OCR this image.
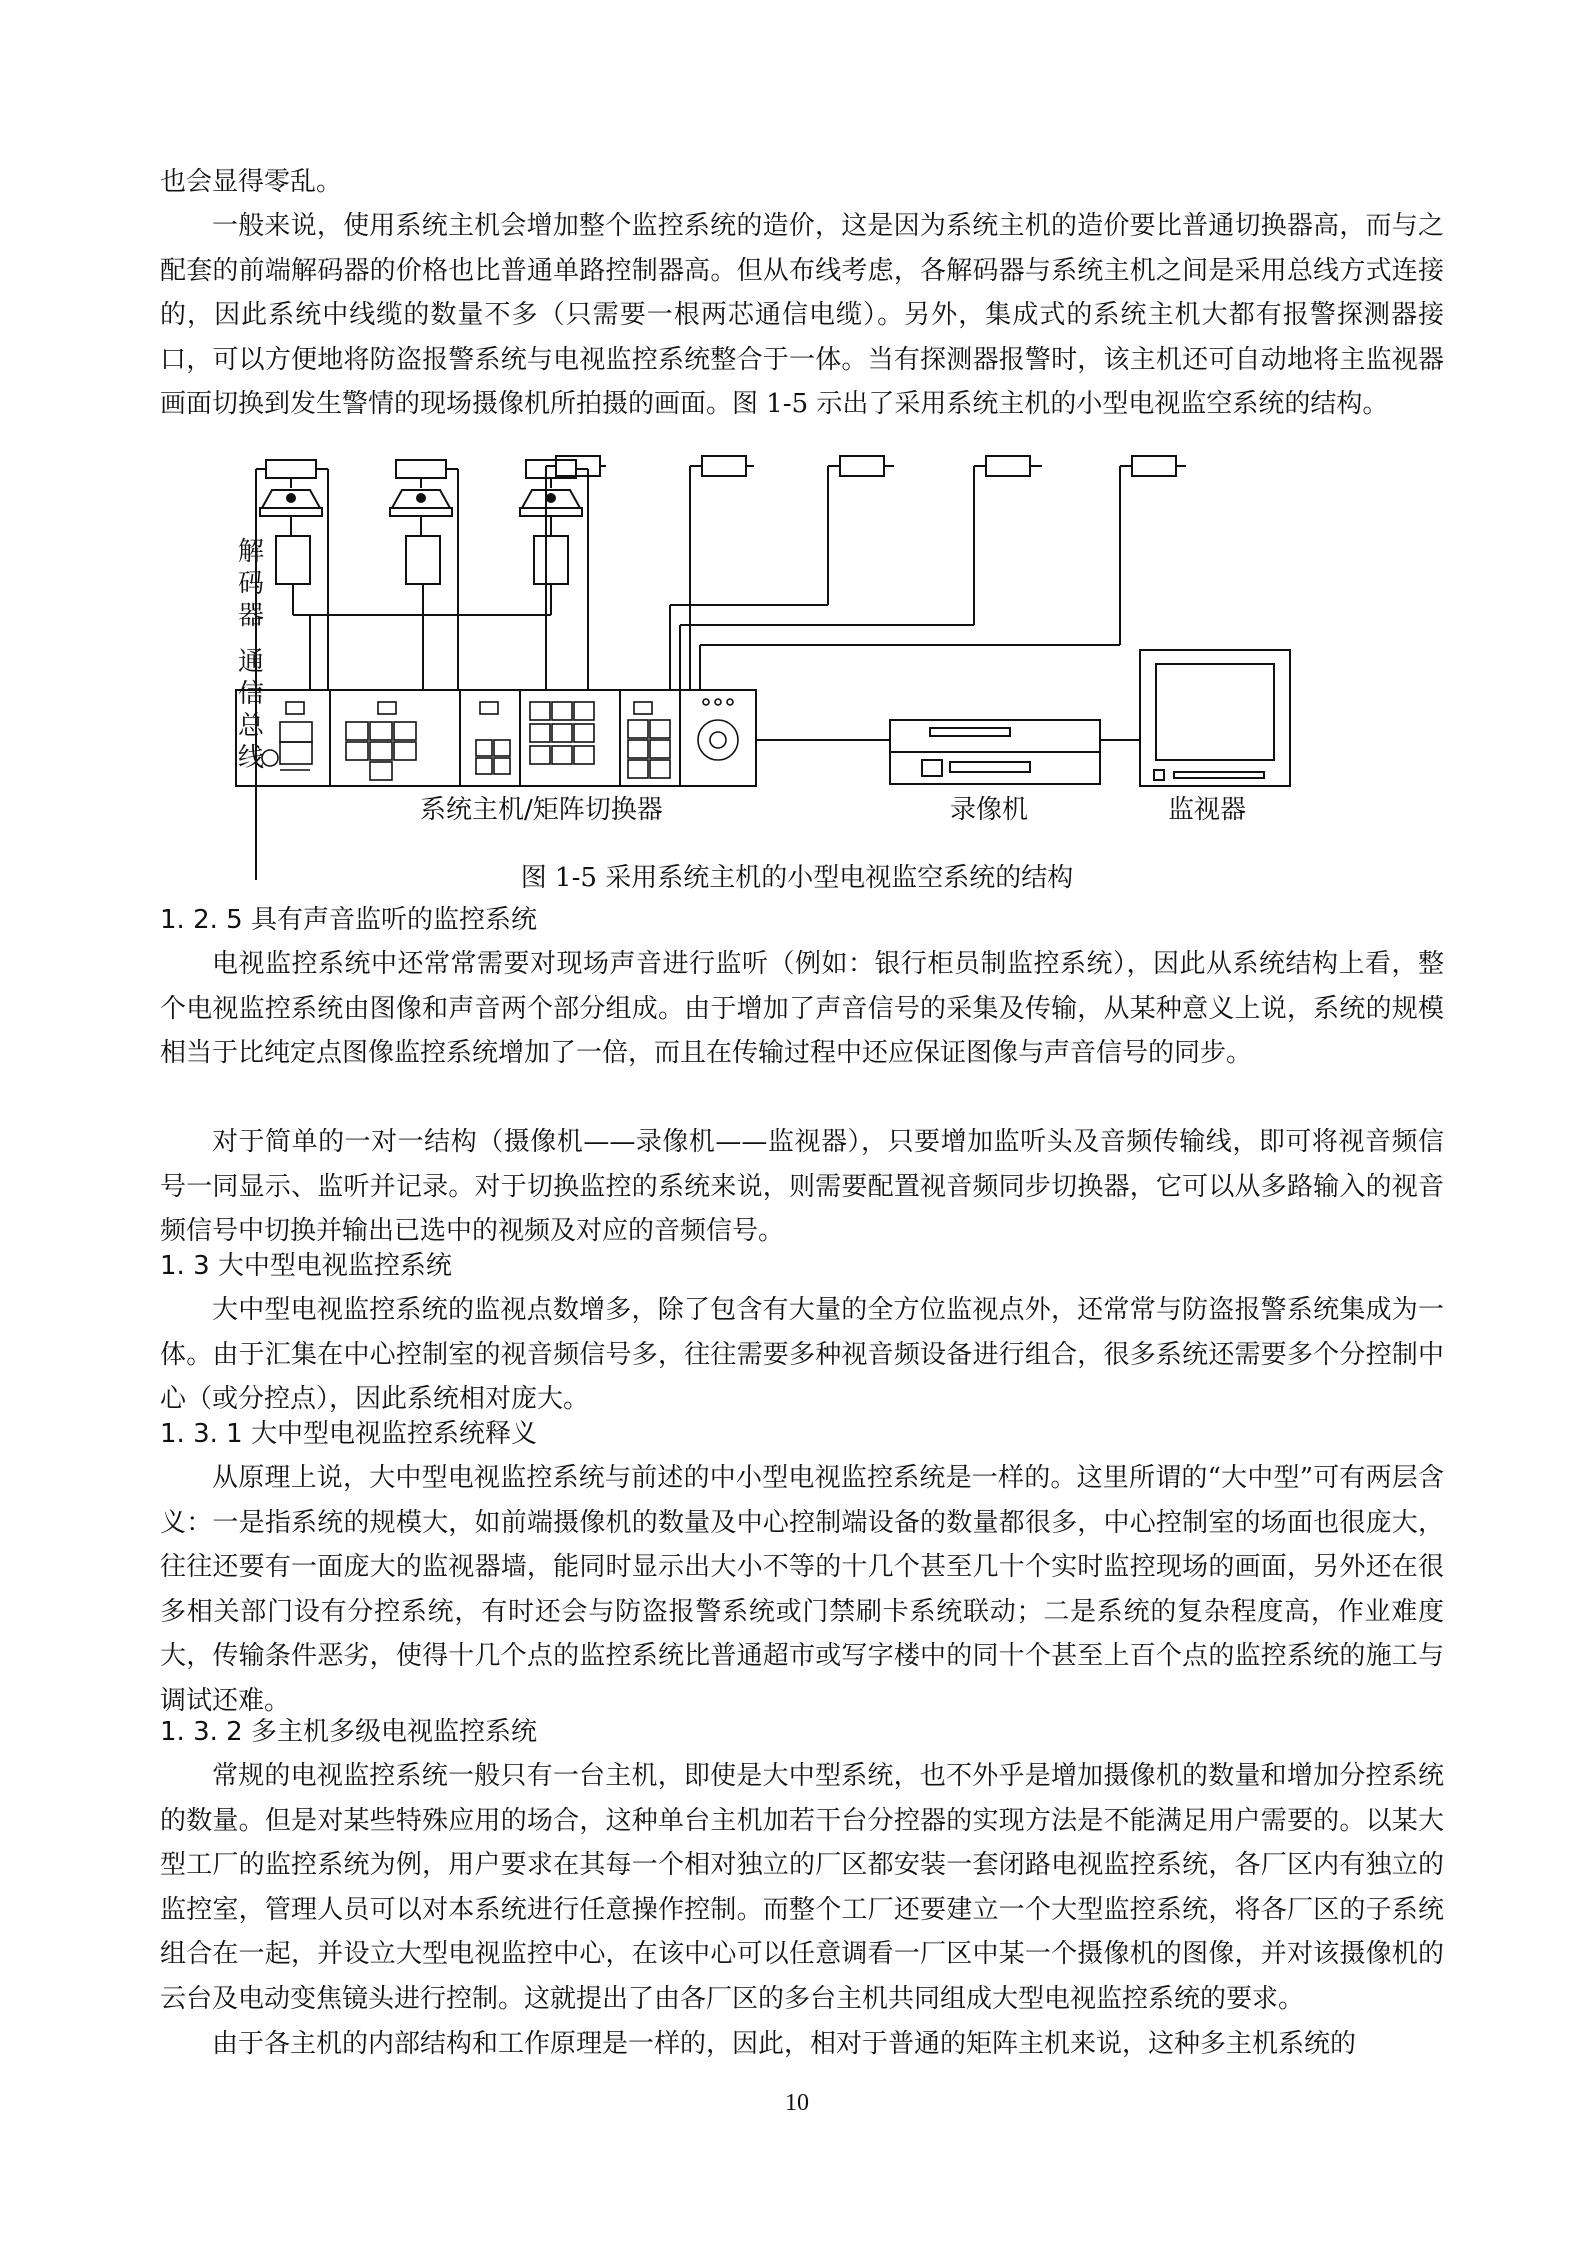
也会显得零乱。

一般来说，使用系统主机会增加整个监控系统的造价，这是因为系统主机的造价要比普通切换器高，而与之配套的前端解码器的价格也比普通单路控制器高。但从布线考虑，各解码器与系统主机之间是采用总线方式连接的，因此系统中线缆的数量不多（只需要一根两芯通信电缆）。另外，集成式的系统主机大都有报警探测器接口，可以方便地将防盗报警系统与电视监控系统整合于一体。当有探测器报警时，该主机还可自动地将主监视器画面切换到发生警情的现场摄像机所拍摄的画面。图 1-5 示出了采用系统主机的小型电视监空系统的结构。

解
码
器
通
信
总
线
系统主机/矩阵切换器	录像机	监视器

图 1-5 采用系统主机的小型电视监空系统的结构

1. 2. 5 具有声音监听的监控系统

电视监控系统中还常常需要对现场声音进行监听（例如：银行柜员制监控系统），因此从系统结构上看，整个电视监控系统由图像和声音两个部分组成。由于增加了声音信号的采集及传输，从某种意义上说，系统的规模相当于比纯定点图像监控系统增加了一倍，而且在传输过程中还应保证图像与声音信号的同步。

对于简单的一对一结构（摄像机——录像机——监视器），只要增加监听头及音频传输线，即可将视音频信号一同显示、监听并记录。对于切换监控的系统来说，则需要配置视音频同步切换器，它可以从多路输入的视音频信号中切换并输出已选中的视频及对应的音频信号。

1. 3 大中型电视监控系统

大中型电视监控系统的监视点数增多，除了包含有大量的全方位监视点外，还常常与防盗报警系统集成为一体。由于汇集在中心控制室的视音频信号多，往往需要多种视音频设备进行组合，很多系统还需要多个分控制中心（或分控点），因此系统相对庞大。

1. 3. 1 大中型电视监控系统释义

从原理上说，大中型电视监控系统与前述的中小型电视监控系统是一样的。这里所谓的“大中型”可有两层含义：一是指系统的规模大，如前端摄像机的数量及中心控制端设备的数量都很多，中心控制室的场面也很庞大，往往还要有一面庞大的监视器墙，能同时显示出大小不等的十几个甚至几十个实时监控现场的画面，另外还在很多相关部门设有分控系统，有时还会与防盗报警系统或门禁刷卡系统联动；二是系统的复杂程度高，作业难度大，传输条件恶劣，使得十几个点的监控系统比普通超市或写字楼中的同十个甚至上百个点的监控系统的施工与调试还难。

1. 3. 2 多主机多级电视监控系统

常规的电视监控系统一般只有一台主机，即使是大中型系统，也不外乎是增加摄像机的数量和增加分控系统的数量。但是对某些特殊应用的场合，这种单台主机加若干台分控器的实现方法是不能满足用户需要的。以某大型工厂的监控系统为例，用户要求在其每一个相对独立的厂区都安装一套闭路电视监控系统，各厂区内有独立的监控室，管理人员可以对本系统进行任意操作控制。而整个工厂还要建立一个大型监控系统，将各厂区的子系统组合在一起，并设立大型电视监控中心，在该中心可以任意调看一厂区中某一个摄像机的图像，并对该摄像机的云台及电动变焦镜头进行控制。这就提出了由各厂区的多台主机共同组成大型电视监控系统的要求。

由于各主机的内部结构和工作原理是一样的，因此，相对于普通的矩阵主机来说，这种多主机系统的

10
